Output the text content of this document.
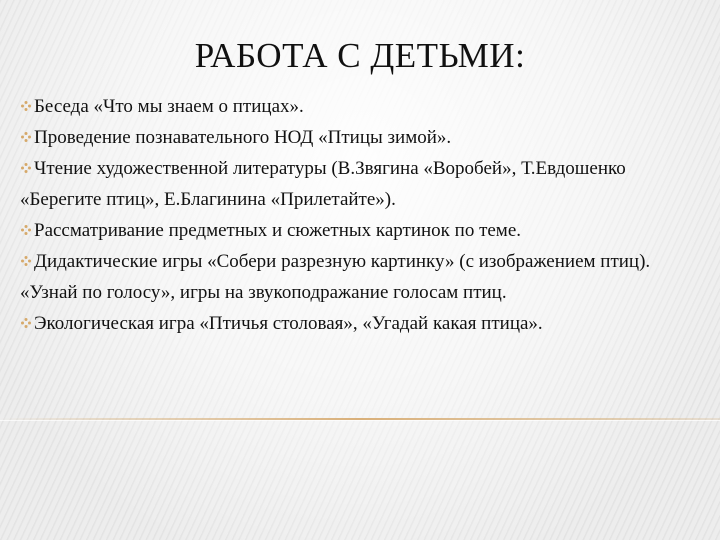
РАБОТА С ДЕТЬМИ:
Беседа «Что мы знаем о птицах».
Проведение познавательного НОД «Птицы зимой».
Чтение художественной литературы (В.Звягина «Воробей», Т.Евдошенко «Берегите птиц», Е.Благинина «Прилетайте»).
Рассматривание предметных и сюжетных картинок по теме.
Дидактические игры «Собери разрезную картинку» (с изображением птиц). «Узнай по голосу», игры на звукоподражание голосам птиц.
Экологическая игра «Птичья столовая», «Угадай какая птица».
